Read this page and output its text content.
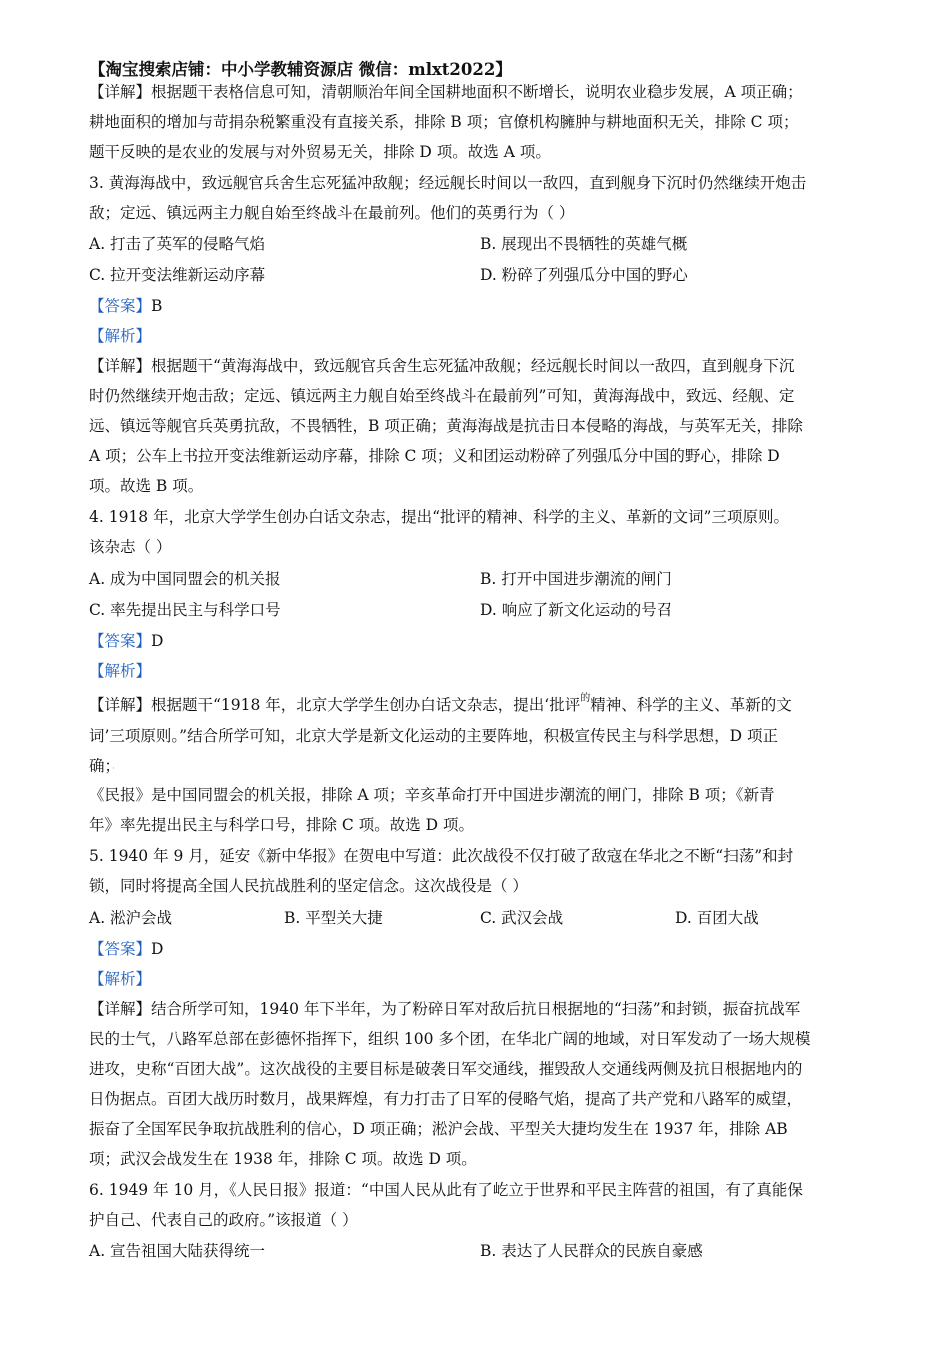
【淘宝搜索店铺：中小学教辅资源店 微信：mlxt2022】
【详解】根据题干表格信息可知，清朝顺治年间全国耕地面积不断增长，说明农业稳步发展，A 项正确；
耕地面积的增加与苛捐杂税繁重没有直接关系，排除 B 项；官僚机构臃肿与耕地面积无关，排除 C 项；
题干反映的是农业的发展与对外贸易无关，排除 D 项。故选 A 项。
3. 黄海海战中，致远舰官兵舍生忘死猛冲敌舰；经远舰长时间以一敌四，直到舰身下沉时仍然继续开炮击
敌；定远、镇远两主力舰自始至终战斗在最前列。他们的英勇行为（ ）
A. 打击了英军的侵略气焰	B. 展现出不畏牺牲的英雄气概
C. 拉开变法维新运动序幕	D. 粉碎了列强瓜分中国的野心
【答案】B
【解析】
【详解】根据题干“黄海海战中，致远舰官兵舍生忘死猛冲敌舰；经远舰长时间以一敌四，直到舰身下沉
时仍然继续开炮击敌；定远、镇远两主力舰自始至终战斗在最前列”可知，黄海海战中，致远、经舰、定
远、镇远等舰官兵英勇抗敌，不畏牺牲，B 项正确；黄海海战是抗击日本侵略的海战，与英军无关，排除
A 项；公车上书拉开变法维新运动序幕，排除 C 项；义和团运动粉碎了列强瓜分中国的野心，排除 D
项。故选 B 项。
4. 1918 年，北京大学学生创办白话文杂志，提出“批评的精神、科学的主义、革新的文词”三项原则。
该杂志（ ）
A. 成为中国同盟会的机关报	B. 打开中国进步潮流的闸门
C. 率先提出民主与科学口号	D. 响应了新文化运动的号召
【答案】D
【解析】
【详解】根据题干“1918 年，北京大学学生创办白话文杂志，提出‘批评$^的$精神、科学的主义、革新的文
词’三项原则。”结合所学可知，北京大学是新文化运动的主要阵地，积极宣传民主与科学思想，D 项正
确；·
《民报》是中国同盟会的机关报，排除 A 项；辛亥革命打开中国进步潮流的闸门，排除 B 项；《新青
年》率先提出民主与科学口号，排除 C 项。故选 D 项。
5. 1940 年 9 月，延安《新中华报》在贺电中写道：此次战役不仅打破了敌寇在华北之不断“扫荡”和封
锁，同时将提高全国人民抗战胜利的坚定信念。这次战役是（ ）
A. 淞沪会战	B. 平型关大捷	C. 武汉会战	D. 百团大战
【答案】D
【解析】
【详解】结合所学可知，1940 年下半年，为了粉碎日军对敌后抗日根据地的“扫荡”和封锁，振奋抗战军
民的士气，八路军总部在彭德怀指挥下，组织 100 多个团，在华北广阔的地域，对日军发动了一场大规模
进攻，史称“百团大战”。这次战役的主要目标是破袭日军交通线，摧毁敌人交通线两侧及抗日根据地内的
日伪据点。百团大战历时数月，战果辉煌，有力打击了日军的侵略气焰，提高了共产党和八路军的威望，
振奋了全国军民争取抗战胜利的信心，D 项正确；淞沪会战、平型关大捷均发生在 1937 年，排除 AB
项；武汉会战发生在 1938 年，排除 C 项。故选 D 项。
6. 1949 年 10 月，《人民日报》报道：“中国人民从此有了屹立于世界和平民主阵营的祖国，有了真能保
护自己、代表自己的政府。”该报道（ ）
A. 宣告祖国大陆获得统一	B. 表达了人民群众的民族自豪感
